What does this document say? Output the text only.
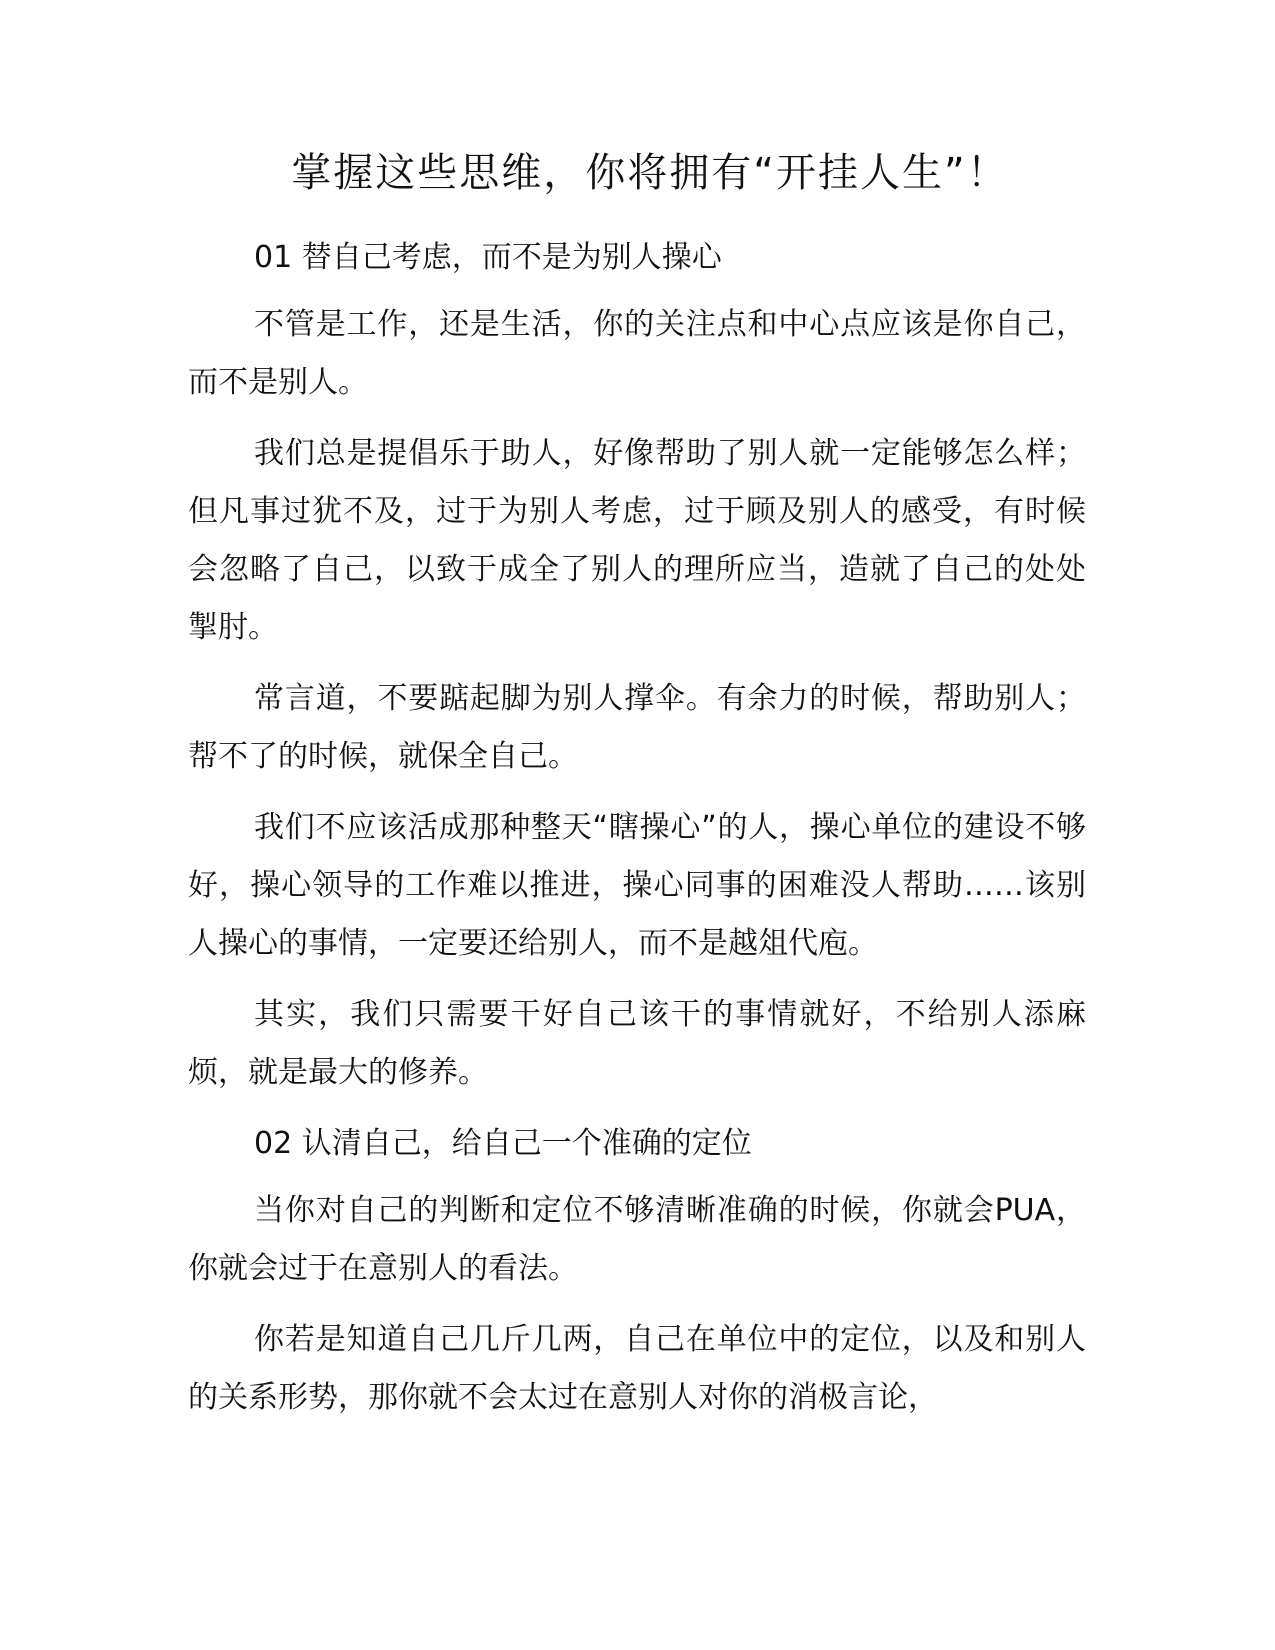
掌握这些思维，你将拥有“开挂人生”！

01 替自己考虑，而不是为别人操心

不管是工作，还是生活，你的关注点和中心点应该是你自己，而不是别人。

我们总是提倡乐于助人，好像帮助了别人就一定能够怎么样；但凡事过犹不及，过于为别人考虑，过于顾及别人的感受，有时候会忽略了自己，以致于成全了别人的理所应当，造就了自己的处处掣肘。

常言道，不要踮起脚为别人撑伞。有余力的时候，帮助别人；帮不了的时候，就保全自己。

我们不应该活成那种整天“瞎操心”的人，操心单位的建设不够好，操心领导的工作难以推进，操心同事的困难没人帮助……该别人操心的事情，一定要还给别人，而不是越俎代庖。

其实，我们只需要干好自己该干的事情就好，不给别人添麻烦，就是最大的修养。

02 认清自己，给自己一个准确的定位

当你对自己的判断和定位不够清晰准确的时候，你就会PUA，你就会过于在意别人的看法。

你若是知道自己几斤几两，自己在单位中的定位，以及和别人的关系形势，那你就不会太过在意别人对你的消极言论，
